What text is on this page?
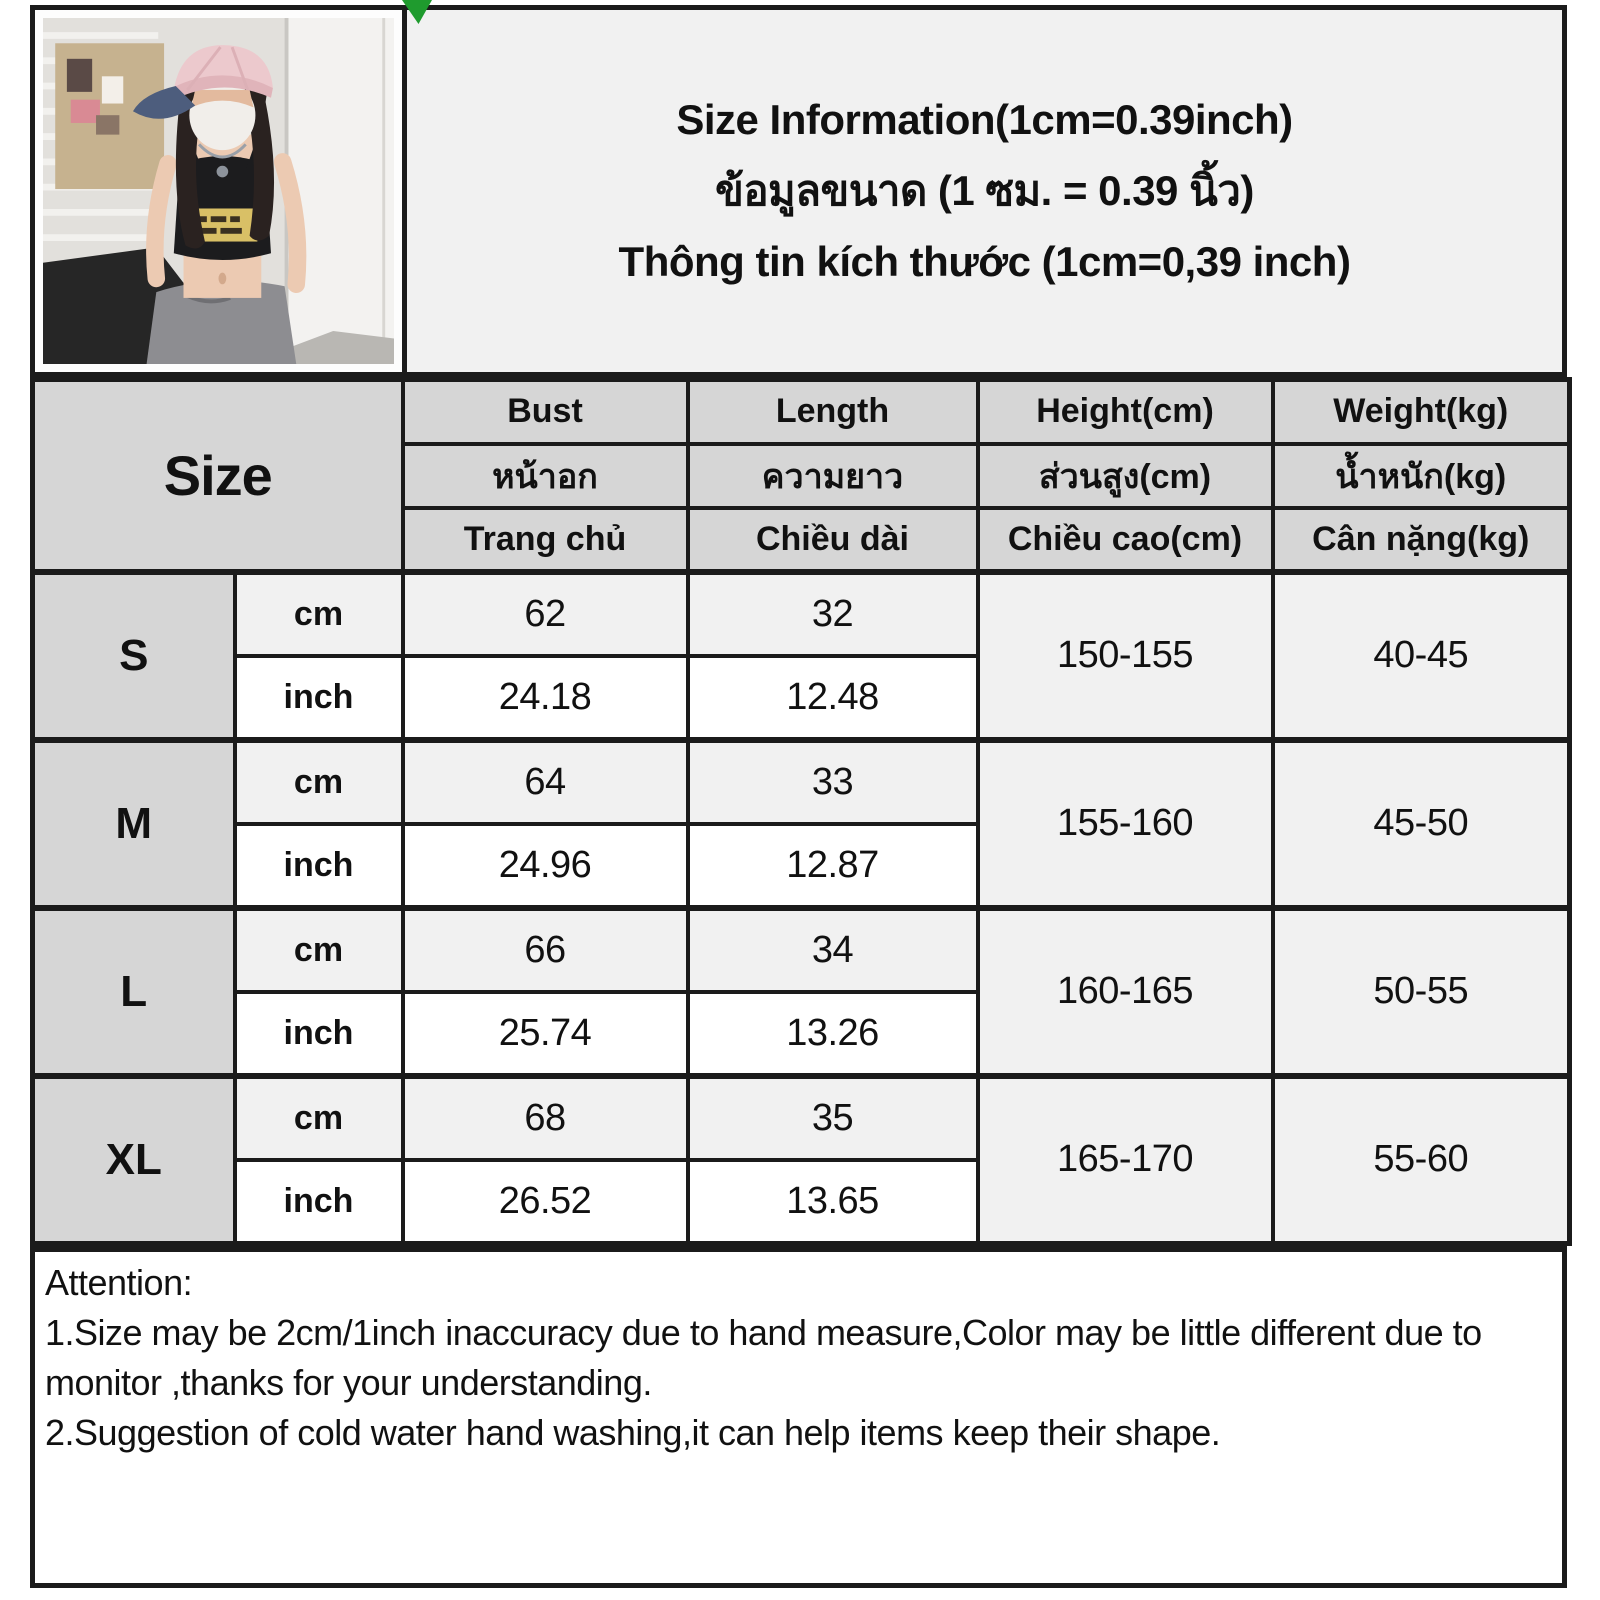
Size Information(1cm=0.39inch)
ข้อมูลขนาด (1 ซม. = 0.39 นิ้ว)
Thông tin kích thước (1cm=0,39 inch)
Size		Bust	Length	Height(cm)	Weight(kg)
		หน้าอก	ความยาว	ส่วนสูง(cm)	น้ำหนัก(kg)
		Trang chủ	Chiều dài	Chiều cao(cm)	Cân nặng(kg)
S	cm	62	32	150-155	40-45
	inch	24.18	12.48		
M	cm	64	33	155-160	45-50
	inch	24.96	12.87		
L	cm	66	34	160-165	50-55
	inch	25.74	13.26		
XL	cm	68	35	165-170	55-60
	inch	26.52	13.65		

Attention:

1.Size may be 2cm/1inch inaccuracy due to hand measure,Color may be little different due to monitor ,thanks for your understanding.

2.Suggestion of cold water hand washing,it can help items keep their shape.
